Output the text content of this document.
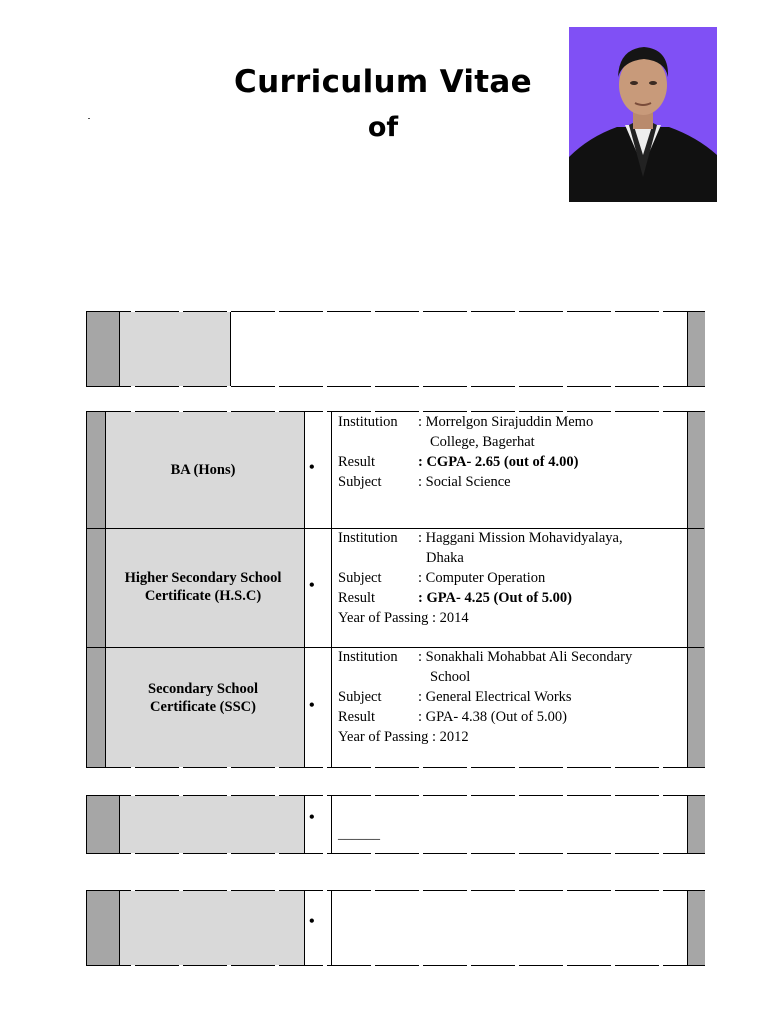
Curriculum Vitae
of
BA (Hons)	•
Institution : Morrelgon Sirajuddin Memo
College, Bagerhat
Result	: CGPA- 2.65 (out of 4.00)
Subject	: Social Science
Higher Secondary School
Certificate (H.S.C)
•
Institution : Haggani Mission Mohavidyalaya,
Dhaka
Subject	: Computer Operation
Result	: GPA- 4.25 (Out of 5.00)
Year of Passing : 2014
Secondary School
Certificate (SSC)	•
Institution : Sonakhali Mohabbat Ali Secondary
School
Subject	: General Electrical Works
Result	: GPA- 4.38 (Out of 5.00)
Year of Passing : 2012
•
______
•
